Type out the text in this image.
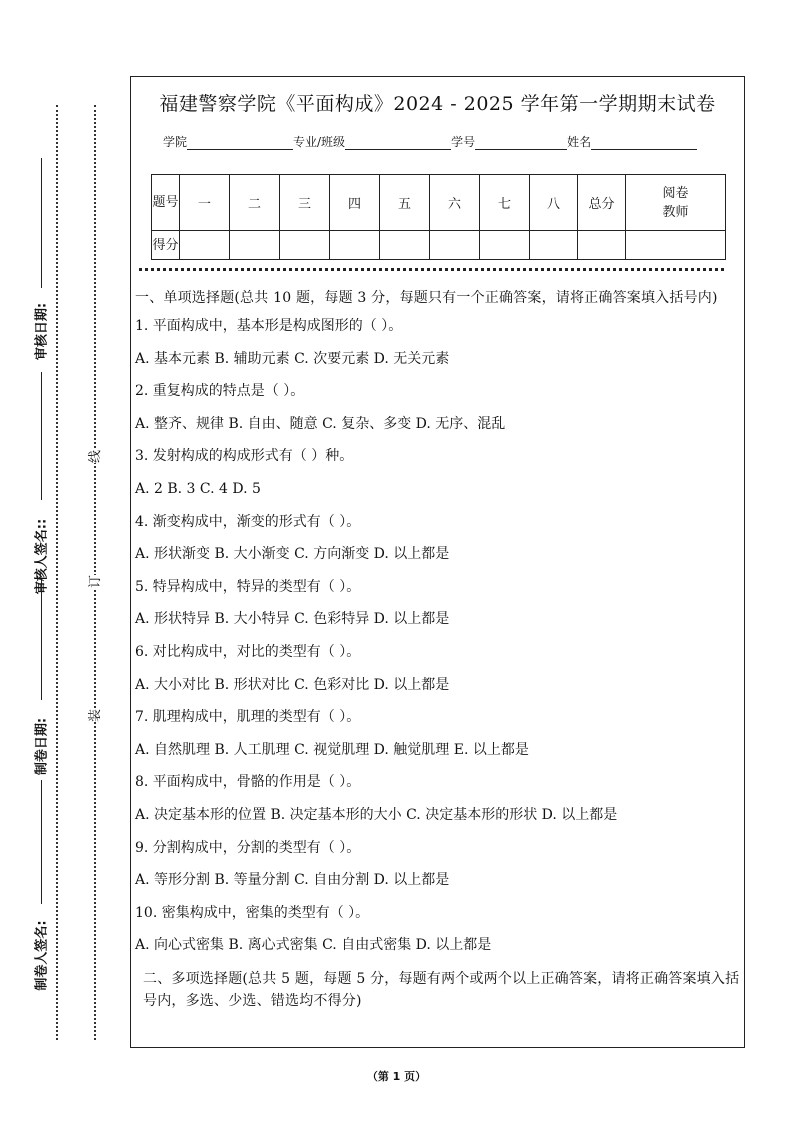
审核日期:
审核人签名::
制卷日期:
制卷人签名:
线
订
装
福建警察学院《平面构成》2024 - 2025 学年第一学期期末试卷
学院	专业/班级	学号	姓名
题号	一	二	三	四	五	六	七	八	总分	阅卷教师
得分										

一、单项选择题(总共 10 题，每题 3 分，每题只有一个正确答案，请将正确答案填入括号内)

1. 平面构成中，基本形是构成图形的（ ）。

A. 基本元素 B. 辅助元素 C. 次要元素 D. 无关元素

2. 重复构成的特点是（ ）。

A. 整齐、规律 B. 自由、随意 C. 复杂、多变 D. 无序、混乱

3. 发射构成的构成形式有（ ）种。

A. 2 B. 3 C. 4 D. 5

4. 渐变构成中，渐变的形式有（ ）。

A. 形状渐变 B. 大小渐变 C. 方向渐变 D. 以上都是

5. 特异构成中，特异的类型有（ ）。

A. 形状特异 B. 大小特异 C. 色彩特异 D. 以上都是

6. 对比构成中，对比的类型有（ ）。

A. 大小对比 B. 形状对比 C. 色彩对比 D. 以上都是

7. 肌理构成中，肌理的类型有（ ）。

A. 自然肌理 B. 人工肌理 C. 视觉肌理 D. 触觉肌理 E. 以上都是

8. 平面构成中，骨骼的作用是（ ）。

A. 决定基本形的位置 B. 决定基本形的大小 C. 决定基本形的形状 D. 以上都是

9. 分割构成中，分割的类型有（ ）。

A. 等形分割 B. 等量分割 C. 自由分割 D. 以上都是

10. 密集构成中，密集的类型有（ ）。

A. 向心式密集 B. 离心式密集 C. 自由式密集 D. 以上都是

二、多项选择题(总共 5 题，每题 5 分，每题有两个或两个以上正确答案，请将正确答案填入括号内，多选、少选、错选均不得分)

（第 1 页）
